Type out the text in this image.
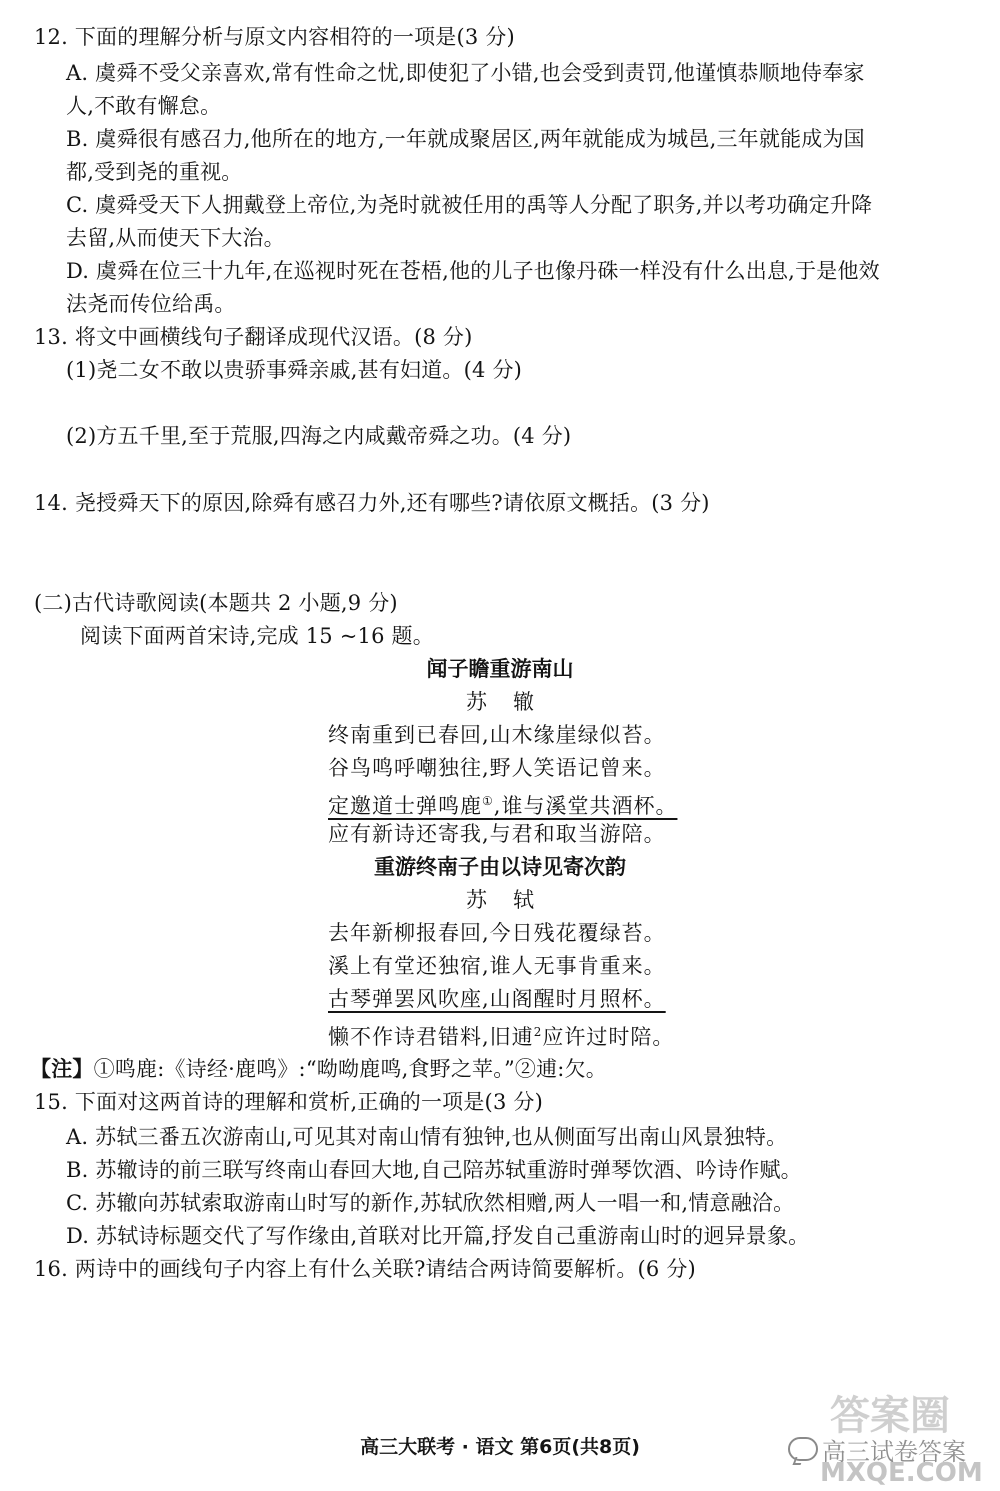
12. 下面的理解分析与原文内容相符的一项是(3 分)
A. 虞舜不受父亲喜欢,常有性命之忧,即使犯了小错,也会受到责罚,他谨慎恭顺地侍奉家
人,不敢有懈怠。
B. 虞舜很有感召力,他所在的地方,一年就成聚居区,两年就能成为城邑,三年就能成为国
都,受到尧的重视。
C. 虞舜受天下人拥戴登上帝位,为尧时就被任用的禹等人分配了职务,并以考功确定升降
去留,从而使天下大治。
D. 虞舜在位三十九年,在巡视时死在苍梧,他的儿子也像丹硃一样没有什么出息,于是他效
法尧而传位给禹。
13. 将文中画横线句子翻译成现代汉语。(8 分)
(1)尧二女不敢以贵骄事舜亲戚,甚有妇道。(4 分)
(2)方五千里,至于荒服,四海之内咸戴帝舜之功。(4 分)
14. 尧授舜天下的原因,除舜有感召力外,还有哪些?请依原文概括。(3 分)
(二)古代诗歌阅读(本题共 2 小题,9 分)
阅读下面两首宋诗,完成 15 ~16 题。
闻子瞻重游南山
苏辙
终南重到已春回,山木缘崖绿似苔。
谷鸟鸣呼嘲独往,野人笑语记曾来。
定邀道士弹鸣鹿①,谁与溪堂共酒杯。
应有新诗还寄我,与君和取当游陪。
重游终南子由以诗见寄次韵
苏轼
去年新柳报春回,今日残花覆绿苔。
溪上有堂还独宿,谁人无事肯重来。
古琴弹罢风吹座,山阁醒时月照杯。
懒不作诗君错料,旧逋$^2$应许过时陪。
【注】①鸣鹿:《诗经·鹿鸣》:“呦呦鹿鸣,食野之苹。”②逋:欠。
15. 下面对这两首诗的理解和赏析,正确的一项是(3 分)
A. 苏轼三番五次游南山,可见其对南山情有独钟,也从侧面写出南山风景独特。
B. 苏辙诗的前三联写终南山春回大地,自己陪苏轼重游时弹琴饮酒、吟诗作赋。
C. 苏辙向苏轼索取游南山时写的新作,苏轼欣然相赠,两人一唱一和,情意融洽。
D. 苏轼诗标题交代了写作缘由,首联对比开篇,抒发自己重游南山时的迥异景象。
16. 两诗中的画线句子内容上有什么关联?请结合两诗简要解析。(6 分)
高三大联考 · 语文 第6页(共8页)
答案圈
高三试卷答案
MXQE.COM
